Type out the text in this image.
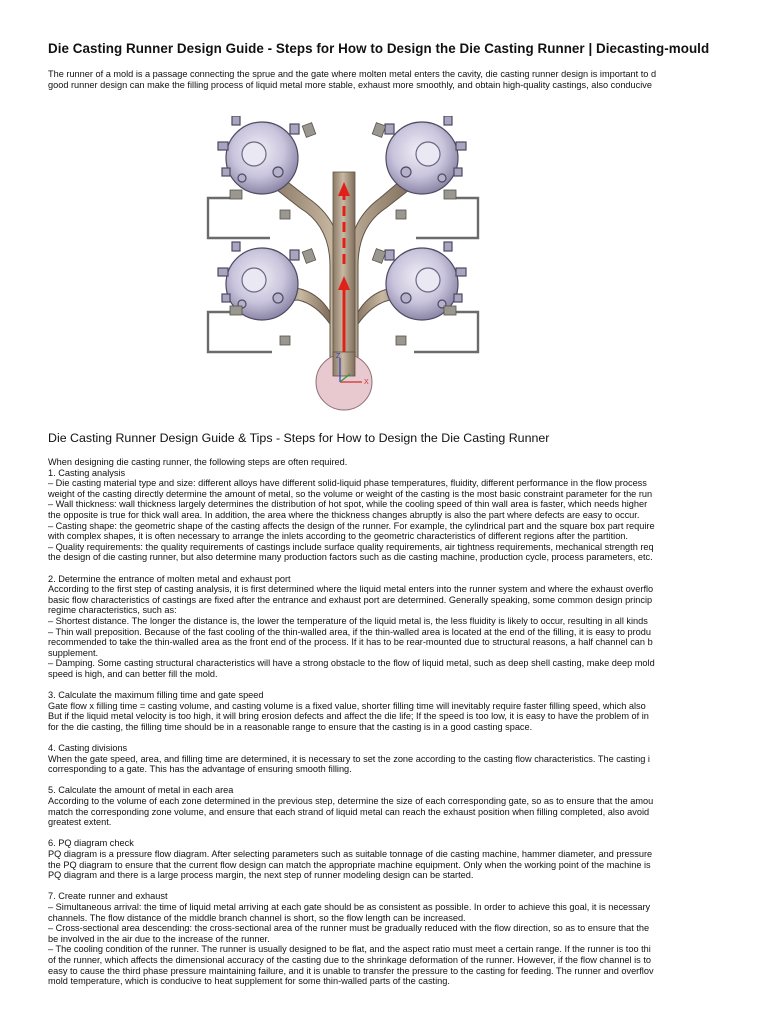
Die Casting Runner Design Guide - Steps for How to Design the Die Casting Runner | Diecasting-mould
The runner of a mold is a passage connecting the sprue and the gate where molten metal enters the cavity, die casting runner design is important to d
good runner design can make the filling process of liquid metal more stable, exhaust more smoothly, and obtain high-quality castings, also conducive
Z
X
Die Casting Runner Design Guide & Tips - Steps for How to Design the Die Casting Runner
When designing die casting runner, the following steps are often required.
1. Casting analysis
– Die casting material type and size: different alloys have different solid-liquid phase temperatures, fluidity, different performance in the flow process
weight of the casting directly determine the amount of metal, so the volume or weight of the casting is the most basic constraint parameter for the run
– Wall thickness: wall thickness largely determines the distribution of hot spot, while the cooling speed of thin wall area is faster, which needs higher
the opposite is true for thick wall area. In addition, the area where the thickness changes abruptly is also the part where defects are easy to occur.
– Casting shape: the geometric shape of the casting affects the design of the runner. For example, the cylindrical part and the square box part require
with complex shapes, it is often necessary to arrange the inlets according to the geometric characteristics of different regions after the partition.
– Quality requirements: the quality requirements of castings include surface quality requirements, air tightness requirements, mechanical strength req
the design of die casting runner, but also determine many production factors such as die casting machine, production cycle, process parameters, etc.
2. Determine the entrance of molten metal and exhaust port
According to the first step of casting analysis, it is first determined where the liquid metal enters into the runner system and where the exhaust overflo
basic flow characteristics of castings are fixed after the entrance and exhaust port are determined. Generally speaking, some common design princip
regime characteristics, such as:
– Shortest distance. The longer the distance is, the lower the temperature of the liquid metal is, the less fluidity is likely to occur, resulting in all kinds
– Thin wall preposition. Because of the fast cooling of the thin-walled area, if the thin-walled area is located at the end of the filling, it is easy to produ
recommended to take the thin-walled area as the front end of the process. If it has to be rear-mounted due to structural reasons, a half channel can b
supplement.
– Damping. Some casting structural characteristics will have a strong obstacle to the flow of liquid metal, such as deep shell casting, make deep mold
speed is high, and can better fill the mold.
3. Calculate the maximum filling time and gate speed
Gate flow x filling time = casting volume, and casting volume is a fixed value, shorter filling time will inevitably require faster filling speed, which also
But if the liquid metal velocity is too high, it will bring erosion defects and affect the die life; If the speed is too low, it is easy to have the problem of in
for the die casting, the filling time should be in a reasonable range to ensure that the casting is in a good casting space.
4. Casting divisions
When the gate speed, area, and filling time are determined, it is necessary to set the zone according to the casting flow characteristics. The casting i
corresponding to a gate. This has the advantage of ensuring smooth filling.
5. Calculate the amount of metal in each area
According to the volume of each zone determined in the previous step, determine the size of each corresponding gate, so as to ensure that the amou
match the corresponding zone volume, and ensure that each strand of liquid metal can reach the exhaust position when filling completed, also avoid
greatest extent.
6. PQ diagram check
PQ diagram is a pressure flow diagram. After selecting parameters such as suitable tonnage of die casting machine, hammer diameter, and pressure
the PQ diagram to ensure that the current flow design can match the appropriate machine equipment. Only when the working point of the machine is
PQ diagram and there is a large process margin, the next step of runner modeling design can be started.
7. Create runner and exhaust
– Simultaneous arrival: the time of liquid metal arriving at each gate should be as consistent as possible. In order to achieve this goal, it is necessary
channels. The flow distance of the middle branch channel is short, so the flow length can be increased.
– Cross-sectional area descending: the cross-sectional area of the runner must be gradually reduced with the flow direction, so as to ensure that the
be involved in the air due to the increase of the runner.
– The cooling condition of the runner. The runner is usually designed to be flat, and the aspect ratio must meet a certain range. If the runner is too thi
of the runner, which affects the dimensional accuracy of the casting due to the shrinkage deformation of the runner. However, if the flow channel is to
easy to cause the third phase pressure maintaining failure, and it is unable to transfer the pressure to the casting for feeding. The runner and overflov
mold temperature, which is conducive to heat supplement for some thin-walled parts of the casting.
